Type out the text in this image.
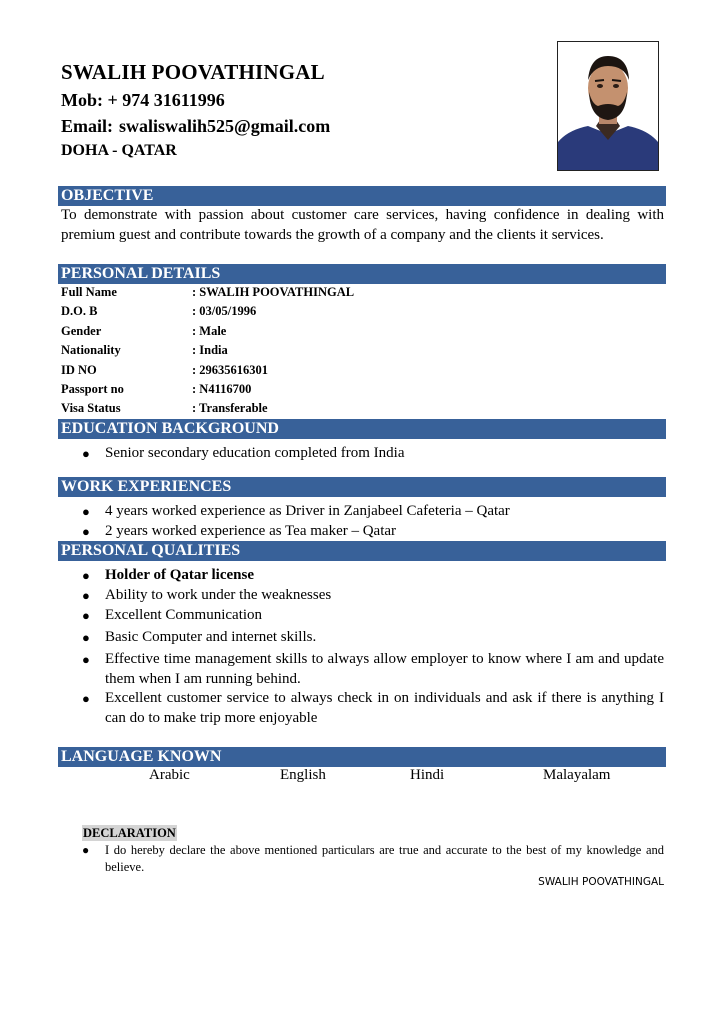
SWALIH POOVATHINGAL
Mob: + 974 31611996
Email: swaliswalih525@gmail.com
DOHA - QATAR
OBJECTIVE
To demonstrate with passion about customer care services, having confidence in dealing with premium guest and contribute towards the growth of a company and the clients it services.
PERSONAL DETAILS
Full Name	: SWALIH POOVATHINGAL
D.O. B	: 03/05/1996
Gender	: Male
Nationality	: India
ID NO	: 29635616301
Passport no	: N4116700
Visa Status	: Transferable
EDUCATION BACKGROUND
●	Senior secondary education completed from India
WORK EXPERIENCES
●	4 years worked experience as Driver in Zanjabeel Cafeteria – Qatar
●	2 years worked experience as Tea maker – Qatar
PERSONAL QUALITIES
●	Holder of Qatar license
●	Ability to work under the weaknesses
●	Excellent Communication
●	Basic Computer and internet skills.
●	Effective time management skills to always allow employer to know where I am and update them when I am running behind.
●	Excellent customer service to always check in on individuals and ask if there is anything I can do to make trip more enjoyable
LANGUAGE KNOWN
Arabic	English	Hindi	Malayalam
DECLARATION
● I do hereby declare the above mentioned particulars are true and accurate to the best of my knowledge and believe.
SWALIH POOVATHINGAL
